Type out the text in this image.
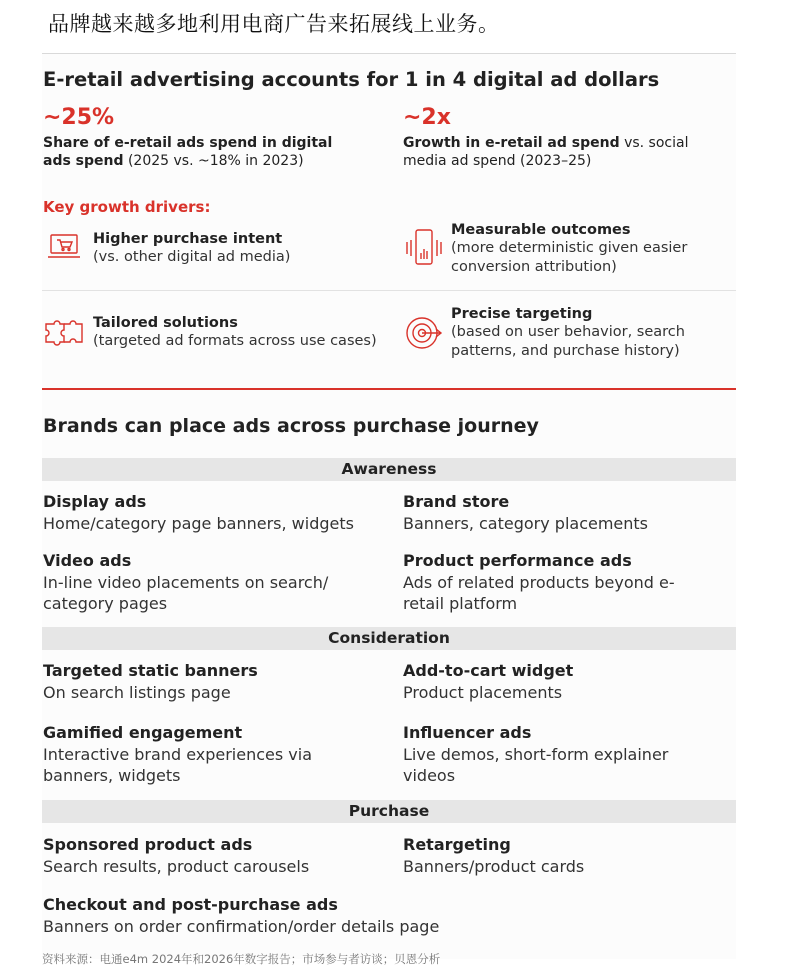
品牌越来越多地利用电商广告来拓展线上业务。
E-retail advertising accounts for 1 in 4 digital ad dollars
~25%
Share of e-retail ads spend in digital ads spend (2025 vs. ~18% in 2023)
~2x
Growth in e-retail ad spend vs. social media ad spend (2023–25)
Key growth drivers:
Higher purchase intent
(vs. other digital ad media)
Measurable outcomes
(more deterministic given easier conversion attribution)
Tailored solutions
(targeted ad formats across use cases)
Precise targeting
(based on user behavior, search patterns, and purchase history)
Brands can place ads across purchase journey
Awareness
Display ads
Home/category page banners, widgets
Brand store
Banners, category placements
Video ads
In-line video placements on search/ category pages
Product performance ads
Ads of related products beyond e-retail platform
Consideration
Targeted static banners
On search listings page
Add-to-cart widget
Product placements
Gamified engagement
Interactive brand experiences via banners, widgets
Influencer ads
Live demos, short-form explainer videos
Purchase
Sponsored product ads
Search results, product carousels
Retargeting
Banners/product cards
Checkout and post-purchase ads
Banners on order confirmation/order details page
资料来源：电通e4m 2024年和2026年数字报告；市场参与者访谈；贝恩分析
